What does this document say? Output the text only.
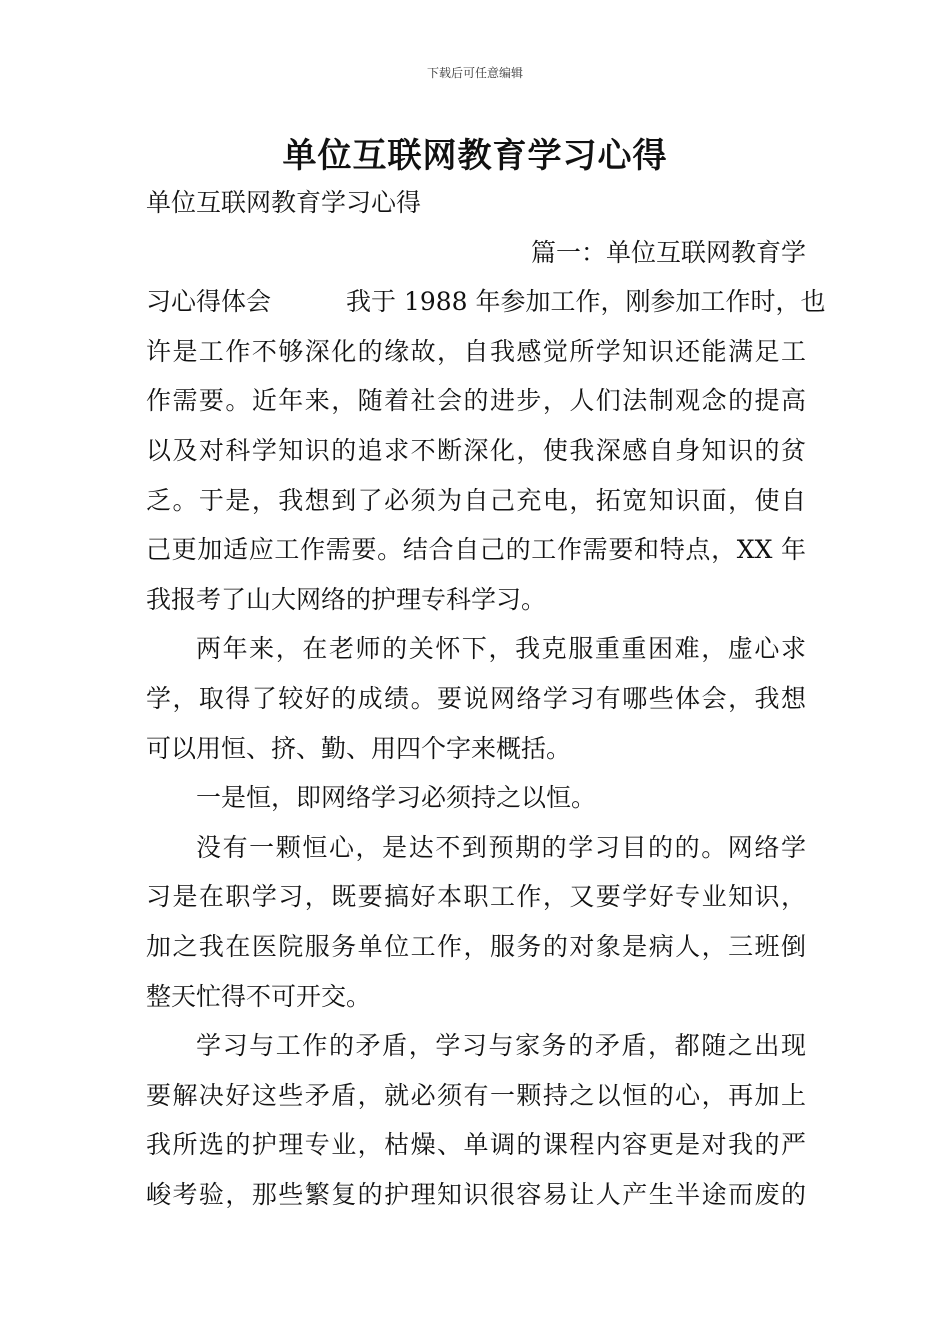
下载后可任意编辑
单位互联网教育学习心得
单位互联网教育学习心得
篇一：单位互联网教育学
习心得体会　　　我于 1988 年参加工作，刚参加工作时，也
许是工作不够深化的缘故，自我感觉所学知识还能满足工
作需要。近年来，随着社会的进步，人们法制观念的提高
以及对科学知识的追求不断深化，使我深感自身知识的贫
乏。于是，我想到了必须为自己充电，拓宽知识面，使自
己更加适应工作需要。结合自己的工作需要和特点，XX 年
我报考了山大网络的护理专科学习。
两年来，在老师的关怀下，我克服重重困难，虚心求
学，取得了较好的成绩。要说网络学习有哪些体会，我想
可以用恒、挤、勤、用四个字来概括。
一是恒，即网络学习必须持之以恒。
没有一颗恒心，是达不到预期的学习目的的。网络学
习是在职学习，既要搞好本职工作，又要学好专业知识，
加之我在医院服务单位工作，服务的对象是病人，三班倒
整天忙得不可开交。
学习与工作的矛盾，学习与家务的矛盾，都随之出现
要解决好这些矛盾，就必须有一颗持之以恒的心，再加上
我所选的护理专业，枯燥、单调的课程内容更是对我的严
峻考验，那些繁复的护理知识很容易让人产生半途而废的
